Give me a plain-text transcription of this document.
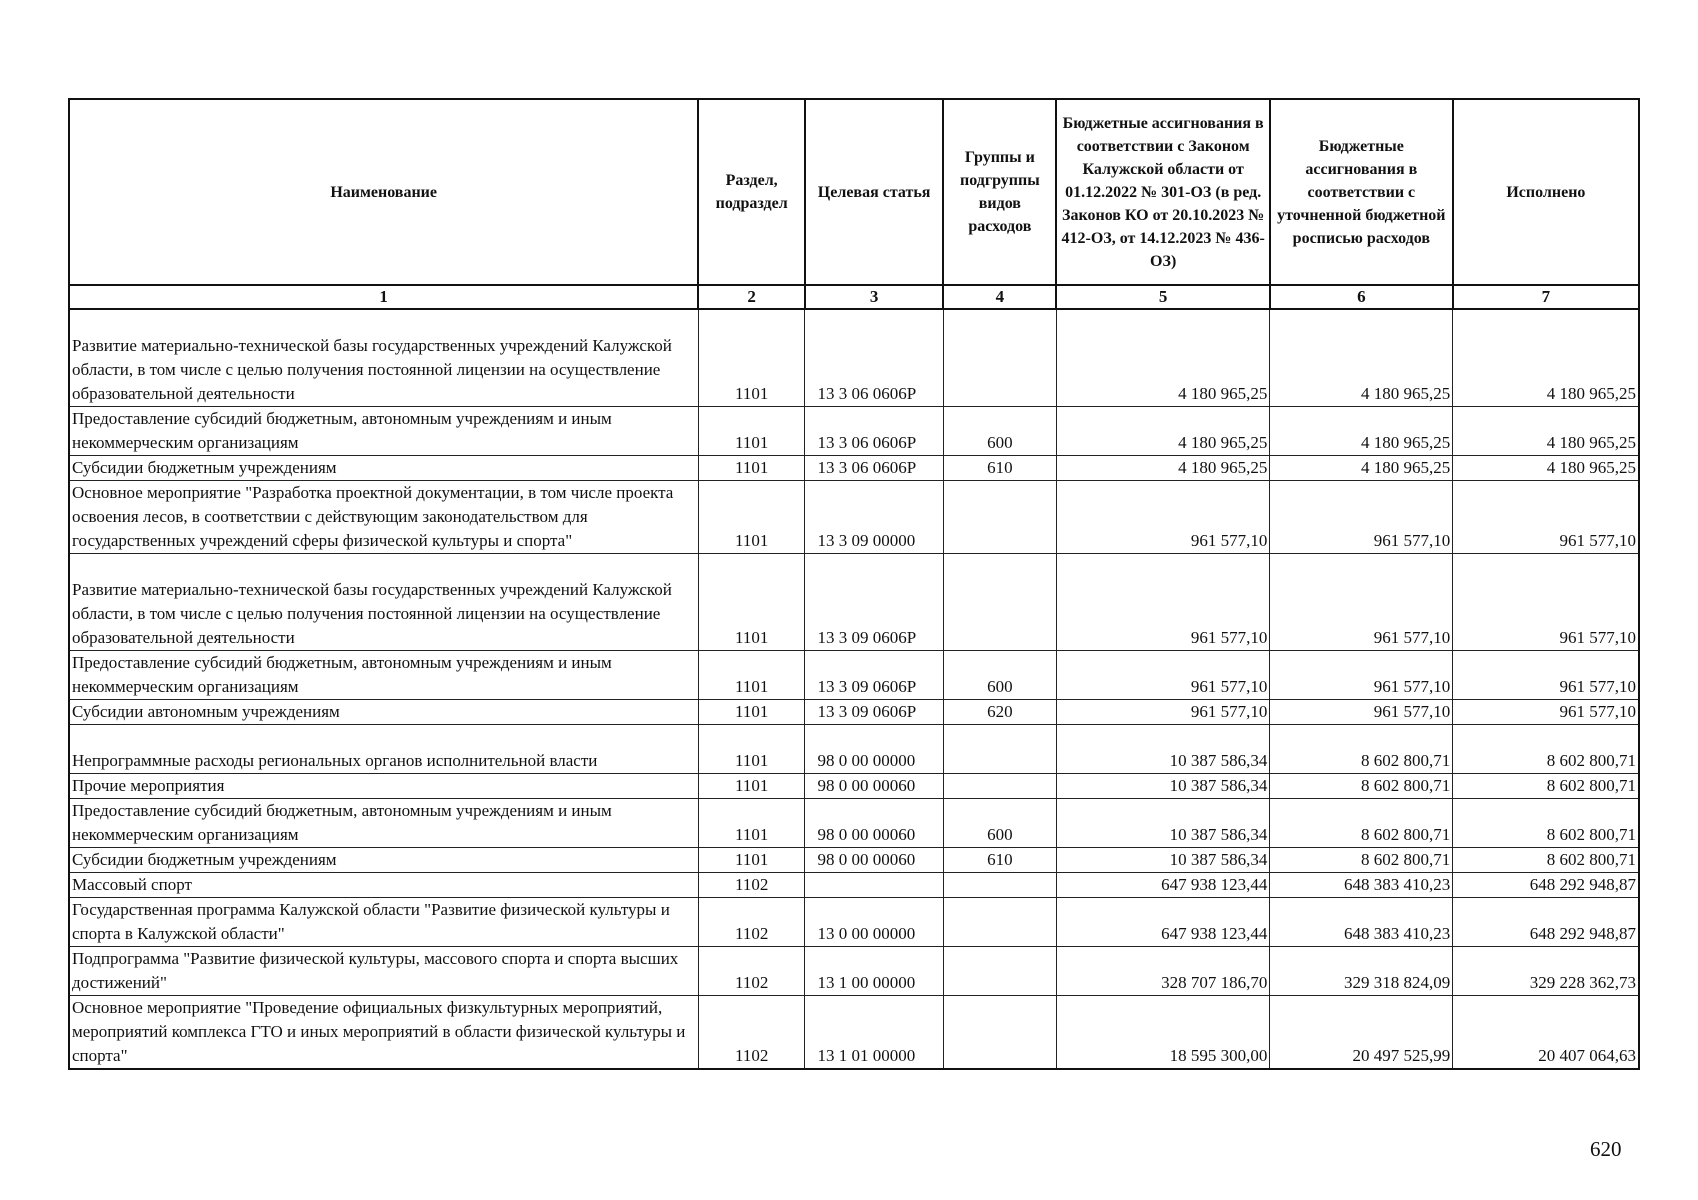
Наименование	Раздел, подраздел	Целевая статья	Группы и подгруппы видов расходов	Бюджетные ассигнования в соответствии с Законом Калужской области от 01.12.2022 № 301-ОЗ (в ред. Законов КО от 20.10.2023 № 412-ОЗ, от 14.12.2023 № 436-ОЗ)	Бюджетные ассигнования в соответствии с уточненной бюджетной росписью расходов	Исполнено
1	2	3	4	5	6	7
Развитие материально-технической базы государственных учреждений Калужской области, в том числе с целью получения постоянной лицензии на осуществление образовательной деятельности	1101	13 3 06 0606Р		4 180 965,25	4 180 965,25	4 180 965,25
Предоставление субсидий бюджетным, автономным учреждениям и иным некоммерческим организациям	1101	13 3 06 0606Р	600	4 180 965,25	4 180 965,25	4 180 965,25
Субсидии бюджетным учреждениям	1101	13 3 06 0606Р	610	4 180 965,25	4 180 965,25	4 180 965,25
Основное мероприятие "Разработка проектной документации, в том числе проекта освоения лесов, в соответствии с действующим законодательством для государственных учреждений сферы физической культуры и спорта"	1101	13 3 09 00000		961 577,10	961 577,10	961 577,10
Развитие материально-технической базы государственных учреждений Калужской области, в том числе с целью получения постоянной лицензии на осуществление образовательной деятельности	1101	13 3 09 0606Р		961 577,10	961 577,10	961 577,10
Предоставление субсидий бюджетным, автономным учреждениям и иным некоммерческим организациям	1101	13 3 09 0606Р	600	961 577,10	961 577,10	961 577,10
Субсидии автономным учреждениям	1101	13 3 09 0606Р	620	961 577,10	961 577,10	961 577,10
Непрограммные расходы региональных органов исполнительной власти	1101	98 0 00 00000		10 387 586,34	8 602 800,71	8 602 800,71
Прочие мероприятия	1101	98 0 00 00060		10 387 586,34	8 602 800,71	8 602 800,71
Предоставление субсидий бюджетным, автономным учреждениям и иным некоммерческим организациям	1101	98 0 00 00060	600	10 387 586,34	8 602 800,71	8 602 800,71
Субсидии бюджетным учреждениям	1101	98 0 00 00060	610	10 387 586,34	8 602 800,71	8 602 800,71
Массовый спорт	1102			647 938 123,44	648 383 410,23	648 292 948,87
Государственная программа Калужской области "Развитие физической культуры и спорта в Калужской области"	1102	13 0 00 00000		647 938 123,44	648 383 410,23	648 292 948,87
Подпрограмма "Развитие физической культуры, массового спорта и спорта высших достижений"	1102	13 1 00 00000		328 707 186,70	329 318 824,09	329 228 362,73
Основное мероприятие "Проведение официальных физкультурных мероприятий, мероприятий комплекса ГТО и иных мероприятий в области физической культуры и спорта"	1102	13 1 01 00000		18 595 300,00	20 497 525,99	20 407 064,63
620
